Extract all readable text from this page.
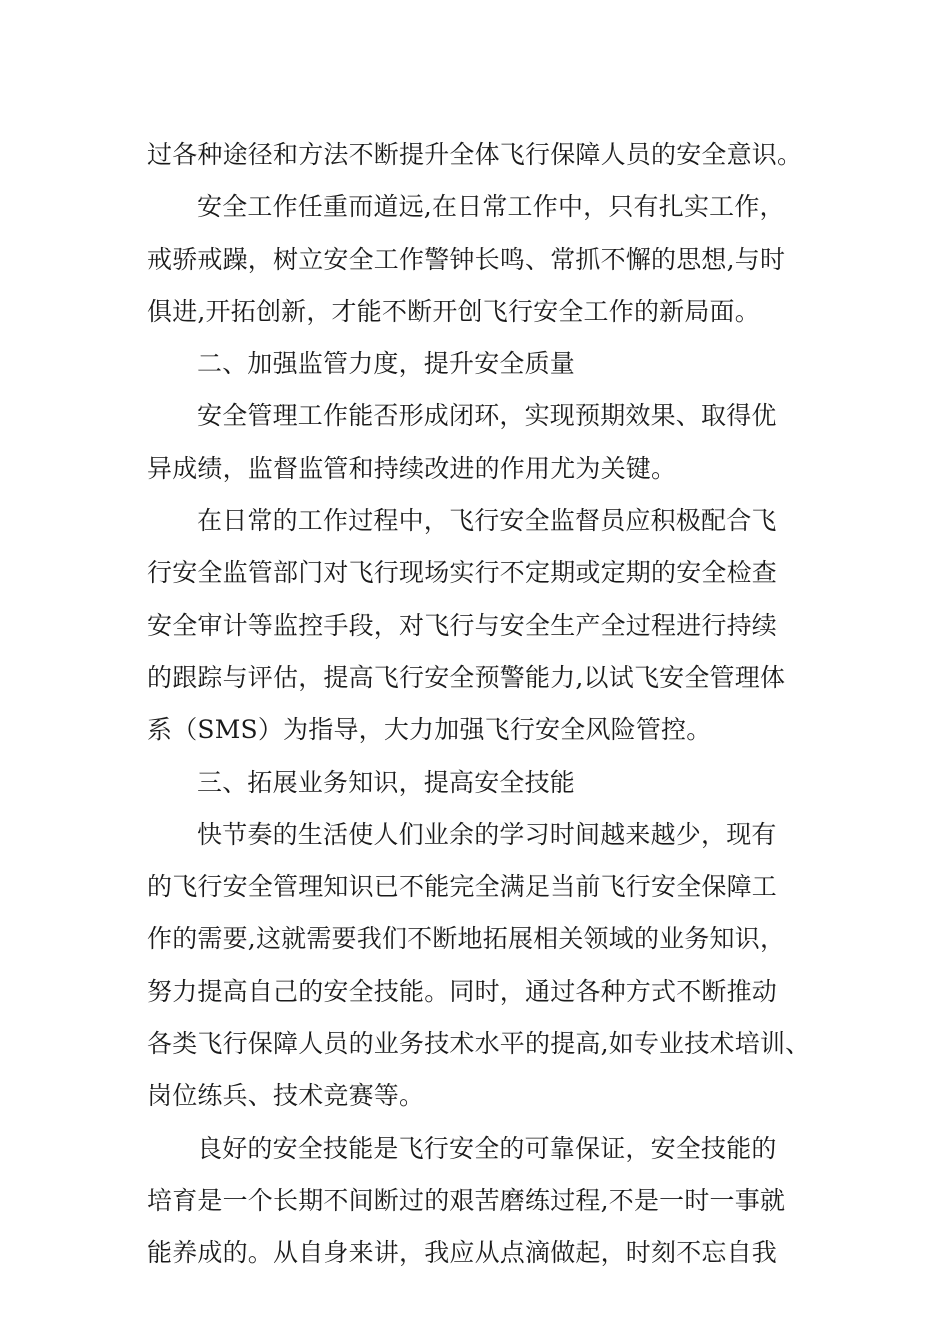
过各种途径和方法不断提升全体飞行保障人员的安全意识。
安全工作任重而道远,在日常工作中，只有扎实工作，
戒骄戒躁，树立安全工作警钟长鸣、常抓不懈的思想,与时
俱进,开拓创新，才能不断开创飞行安全工作的新局面。
二、加强监管力度，提升安全质量
安全管理工作能否形成闭环，实现预期效果、取得优
异成绩，监督监管和持续改进的作用尤为关键。
在日常的工作过程中，飞行安全监督员应积极配合飞
行安全监管部门对飞行现场实行不定期或定期的安全检查
安全审计等监控手段，对飞行与安全生产全过程进行持续
的跟踪与评估，提高飞行安全预警能力,以试飞安全管理体
系（SMS）为指导，大力加强飞行安全风险管控。
三、拓展业务知识，提高安全技能
快节奏的生活使人们业余的学习时间越来越少，现有
的飞行安全管理知识已不能完全满足当前飞行安全保障工
作的需要,这就需要我们不断地拓展相关领域的业务知识，
努力提高自己的安全技能。同时，通过各种方式不断推动
各类飞行保障人员的业务技术水平的提高,如专业技术培训、
岗位练兵、技术竞赛等。
良好的安全技能是飞行安全的可靠保证，安全技能的
培育是一个长期不间断过的艰苦磨练过程,不是一时一事就
能养成的。从自身来讲，我应从点滴做起，时刻不忘自我
